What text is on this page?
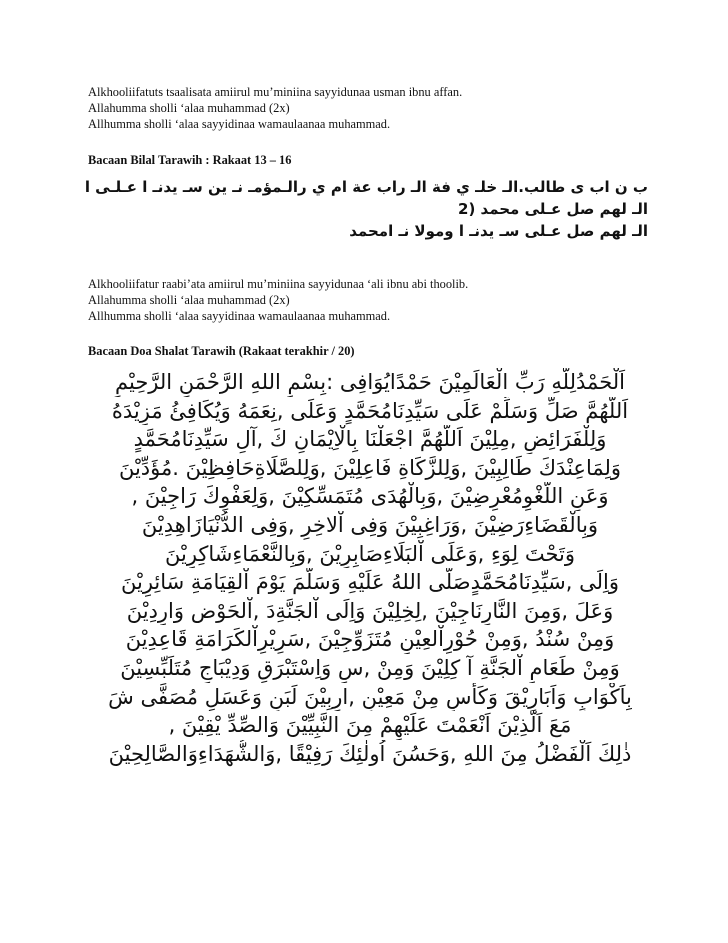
Alkhooliifatuts tsaalisata amiirul mu’miniina sayyidunaa usman ibnu affan.
Allahumma sholli ‘alaa muhammad (2x)
Allhumma sholli ‘alaa sayyidinaa wamaulaanaa muhammad.
Bacaan Bilal Tarawih : Rakaat 13 – 16
ب ن اب ى طالب.الـ خلـ ي فة الـ راب عة ام ي رالـمؤمـ نـ ين سـ يدنـ ا عـلـى ا
الـ لهم صل عـلى محمد (2
الـ لهم صل عـلى سـ يدنـ ا ومولا نـ امحمد
Alkhooliifatur raabi’ata amiirul mu’miniina sayyidunaa ‘ali ibnu abi thoolib.
Allahumma sholli ‘alaa muhammad (2x)
Allhumma sholli ‘alaa sayyidinaa wamaulaanaa muhammad.
Bacaan Doa Shalat Tarawih (Rakaat terakhir / 20)
اَلْحَمْدُلِلَّهِ رَبِّ الْعَالَمِيْنَ حَمْدًايُوَافِى :بِسْمِ اللهِ الرَّحْمَنِ الرَّحِيْمِ
اَللَّهُمَّ صَلِّ وَسَلِّمْ عَلَى سَيِّدِنَامُحَمَّدٍ وَعَلَى ,نِعَمَهُ وَيُكَافِئُ مَزِيْدَهُ
وَلِلْفَرَائِضِ ,مِلِيْنَ اَللَّهُمَّ اجْعَلْنَا بِالْاِيْمَانِ كَ ,آلِ سَيِّدِنَامُحَمَّدٍ
وَلِمَاعِنْدَكَ طَالِبِيْنَ ,وَلِلزَّكَاةِ فَاعِلِيْنَ ,وَلِلصَّلَاةِحَافِظِيْنَ .مُؤَدِّيْنَ
وَعَنِ اللَّغْوِمُعْرِضِيْنَ ,وَبِالْهُدَى مُتَمَسِّكِيْنَ ,وَلِعَفْوِكَ رَاجِيْنَ ,
وَبِالْقَضَاءِرَضِيْنَ ,وَرَاغِبِيْنَ وَفِى اْلاخِرِ ,وَفِى الدُّنْيَازَاهِدِيْنَ
وَتَحْتَ لِوَءِ ,وَعَلَى اْلبَلَاءِصَابِرِيْنَ ,وَبِالنَّعْمَاءِشَاكِرِيْنَ
وَاِلَى ,سَيِّدِنَامُحَمَّدٍصَلَّى اللهُ عَلَيْهِ وَسَلَّمَ يَوْمَ اْلقِيَامَةِ سَائِرِيْنَ
وَعَلَ ,وَمِنَ النَّارِنَاجِيْنَ ,لِخِلِيْنَ وَاِلَى اْلجَنَّةِدَ ,اْلحَوْضِ وَارِدِيْنَ
وَمِنْ سُنْدُ ,وَمِنْ حُوْرِاْلعِيْنِ مُتَزَوِّجِيْنَ ,سَرِيْرِاْلكَرَامَةِ قَاعِدِيْنَ
وَمِنْ طَعَامِ اْلجَنَّةِ آ كِلِيْنَ وَمِنْ ,سِ وَاِسْتَبْرَقٍ وَدِيْبَاجٍ مُتَلَبِّسِيْنَ
بِاَكْوَابٍ وَاَبَارِيْقَ وَكَأْسٍ مِنْ مَعِيْنِ ,ارِبِيْنَ لَبَنٍ وَعَسَلٍ مُصَفَّى شَ
مَعَ اَلَّذِيْنَ اَنْعَمْتَ عَلَيْهِمْ مِنَ النَّبِيِّيْنَ وَالصِّدِّ يْقِيْنَ ,
ذٰلِكَ اَلْفَضْلُ مِنَ اللهِ ,وَحَسُنَ اُولٰئِكَ رَفِيْقًا ,وَالشُّهَدَاءِوَالصَّالِحِيْنَ
